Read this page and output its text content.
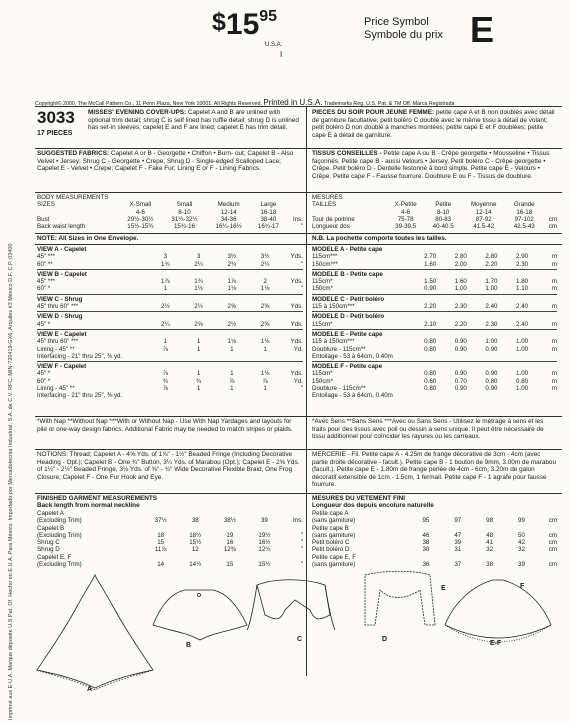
Imprimé aux E-U.A. Marque déposée U.S.Pat. Of. Hecho en E.U.A. Para México: Importado por Mercadotecnia Industrial, S.A. de C.V. RFC: MIN-720419-GX6, Arquiles #3 México D.F. C.P. 03400
$1595
U.S.A.
Price Symbol
Symbole du prix E
I
Copyright© 2000, The McCall Pattern Co., 11 Penn Plaza, New York 10001. All Rights Reserved. Printed in U.S.A. Trademarks Reg. U.S. Pat. & TM Off. Marca Registrada
3033
17 PIECES
MISSES' EVENING COVER-UPS: Capelet A and B are unlined with optional trim detail; shrug C is self lined has ruffle detail; shrug D is unlined has set-in sleeves; capelet E and F are lined; capelet E has trim detail.
PIECES DU SOIR POUR JEUNE FEMME: petite cape A et B non doublés avec détail de garniture facultative; petit boléro C doublé avec le même tissu à détail de volant; petit boléro D non doublé à manches montées; petite cape E et F doublées; petite cape E à détail de garniture.
SUGGESTED FABRICS: Capelet A or B - Georgette • Chiffon • Burn- out; Capelet B - Also Velvet • Jersey; Shrug C - Georgette • Crepe; Shrug D - Single-edged Scalloped Lace; Capelet E - Velvet • Crepe; Capelet F - Fake Fur; Lining E or F - Lining Fabrics.
TISSUS CONSEILLES - Petite cape A ou B - Crêpe georgette • Mousseline • Tissus façonnés. Petite cape B - aussi Velours • Jersey. Petit boléro C - Crêpe georgette • Crêpe. Petit boléro D - Dentelle festonné à bord simple. Petite cape E - Velours • Crêpe. Petite cape F - Fausse fourrure. Doublure E ou F - Tissus de doublure.
BODY MEASUREMENTS					
SIZES	X-Small	Small	Medium	Large	
	4-6	8-10	12-14	16-18	
Bust	29½-30½	31½-32½	34-36	38-40	Ins.
Back waist length	15½-15¾	15¾-16	16¼-16½	16¾-17	"
MESURES					
TAILLES	X-Petite	Petite	Moyenne	Grande	
	4-6	8-10	12-14	16-18	
Tour de poitrine	75-78	80-83	87-92	97-102	cm
Longueur dos	39-39.5	40-40.5	41.5-42	42.5-43	cm
NOTE: All Sizes in One Envelope.	N.B. La pochette comporte toutes les tailles.
VIEW A - Capelet					
45" ***	3	3	3½	3½	Yds.
60" **	1¾	2¼	2¾	2¼	"
VIEW B - Capelet					
45" ***	1⅞	1¾	1⅞	2	Yds.
60" *	1	1⅛	1⅛	1⅛	"
VIEW C - Shrug
45" thru 60" ***	2½	2½	2⅝	2⅝	Yds.
VIEW D - Shrug
45" *	2¼	2⅝	2½	2⅝	Yds.
VIEW E - Capelet					
45" thru 60" ***	1	1	1⅛	1⅛	Yds.
Lining - 45" **	⅞	1	1	1	Yd.
Interfacing - 21" thru 25", ⅜ yd.					
VIEW F - Capelet					
45" *	⅞	1	1	1⅛	Yds.
60" *	¾	¾	⅞	⅞	Yd.
Lining - 45" **	⅞	1	1	1	"
Interfacing - 21" thru 25", ⅜ yd.					
MODELE A - Petite cape					
115cm***	2.70	2.80	2.80	2.90	m
150cm***	1.60	2.00	2.20	2.30	m
MODELE B - Petite cape					
115cm*	1.50	1.60	1.70	1.80	m
150cm*	0.90	1.00	1.00	1.10	m
MODELE C - Petit boléro
115 à 150cm***	2.20	2.30	2.40	2.40	m
MODELE D - Petit boléro
115cm*	2.10	2.20	2.30	2.40	m
MODELE E - Petite cape					
115 à 150cm***	0.80	0.90	1.00	1.00	m
Doublure - 115cm**	0.80	0.90	0.90	1.00	m
Entoilage - 53 à 64cm, 0.40m					
MODELE F - Petite cape					
115cm*	0.80	0.90	0.90	1.00	m
150cm*	0.60	0.70	0.80	0.80	m
Doublure - 115cm**	0.80	0.90	0.90	1.00	m
Entoilage - 53 à 64cm, 0.40m					
*With Nap **Without Nap ***With or Without Nap - Use With Nap Yardages and layouts for pile or one-way design fabrics. Additional Fabric may be needed to match stripes or plaids.
*Avec Sens **Sans Sens ***Avec ou Sans Sens - Utilisez le métrage à sens et les traits pour des tissus avec poil ou dessin à sens unique. Il peut être nécessaire de tissu additionnel pour coïncider les rayures ou les carreaux.
NOTIONS: Thread; Capelet A - 4⅝ Yds. of 1⅞" - 1½" Beaded Fringe (Including Decorative Heading - Opt.); Capelet B - One ¾" Button, 3¼ Yds. of Marabou (Opt.); Capelet E - 2⅝ Yds. of 1½" - 2½" Beaded Fringe, 3⅛ Yds. of ⅜" - ¾" Wide Decorative Flexible Braid, One Frog Closure; Capelet F - One Fur Hook and Eye.
MERCERIE - Fil. Petite cape A - 4.25m de frange décorative de 3cm - 4cm (avec partie droite décorative - facult.). Petite cape B - 1 bouton de 9mm, 3.00m de marabou (facult.). Petite cape E - 1.80m de frange perlée de 4cm - 6cm, 3.20m de galon décoratif extensible de 1cm - 1.5cm, 1 fermail. Petite cape F - 1 agrafe pour fausse fourrure.
FINISHED GARMENT MEASUREMENTS
Back length from normal neckline
MESURES DU VETEMENT FINI
Longueur dos depuis encolure naturelle
Capelet A					
(Excluding Trim)	37½	38	38½	39	Ins.
Capelet B					
(Excluding Trim)	18	18½	19	19½	"
Shrug C	15	15½	16	16½	"
Shrug D	11⅞	12	12⅜	12¾	"
Capelet E, F					
(Excluding Trim)	14	14½	15	15½	"
Petite cape A					
(sans garniture)	95	97	98	99	cm
Petite cape B					
(sans garniture)	46	47	48	50	cm
Petit boléro C	38	39	41	42	cm
Petit boléro D	30	31	32	32	cm
Petite cape E, F					
(sans garniture)	36	37	38	39	cm
A
B
C	D
E	F
E-F
